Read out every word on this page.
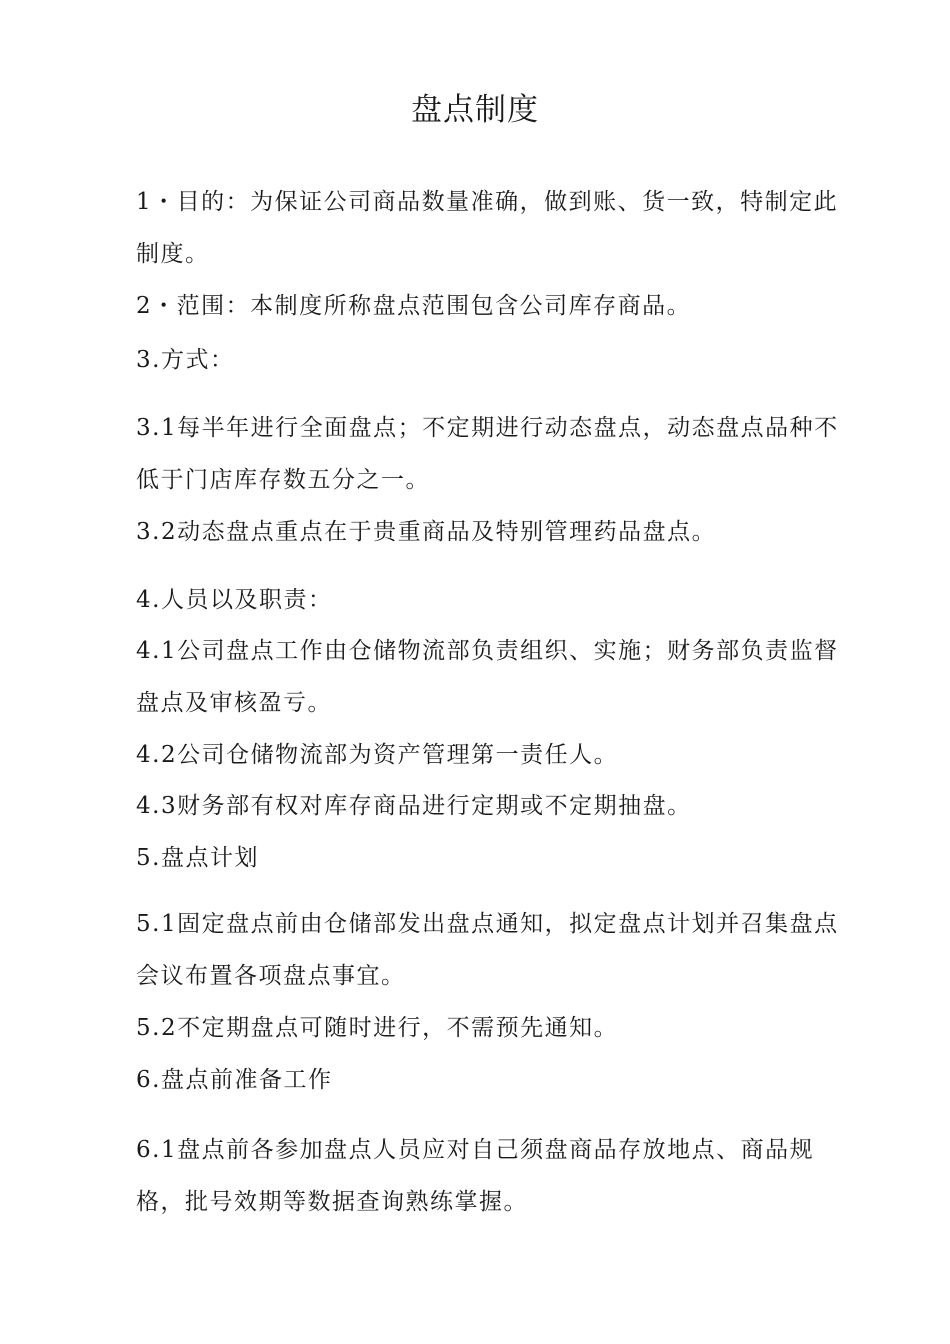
盘点制度

1・目的：为保证公司商品数量准确，做到账、货一致，特制定此制度。

2・范围：本制度所称盘点范围包含公司库存商品。

3.方式：

3.1每半年进行全面盘点；不定期进行动态盘点，动态盘点品种不低于门店库存数五分之一。

3.2动态盘点重点在于贵重商品及特别管理药品盘点。

4.人员以及职责：

4.1公司盘点工作由仓储物流部负责组织、实施；财务部负责监督盘点及审核盈亏。

4.2公司仓储物流部为资产管理第一责任人。

4.3财务部有权对库存商品进行定期或不定期抽盘。

5.盘点计划

5.1固定盘点前由仓储部发出盘点通知，拟定盘点计划并召集盘点会议布置各项盘点事宜。

5.2不定期盘点可随时进行，不需预先通知。

6.盘点前准备工作

6.1盘点前各参加盘点人员应对自己须盘商品存放地点、商品规格，批号效期等数据查询熟练掌握。
